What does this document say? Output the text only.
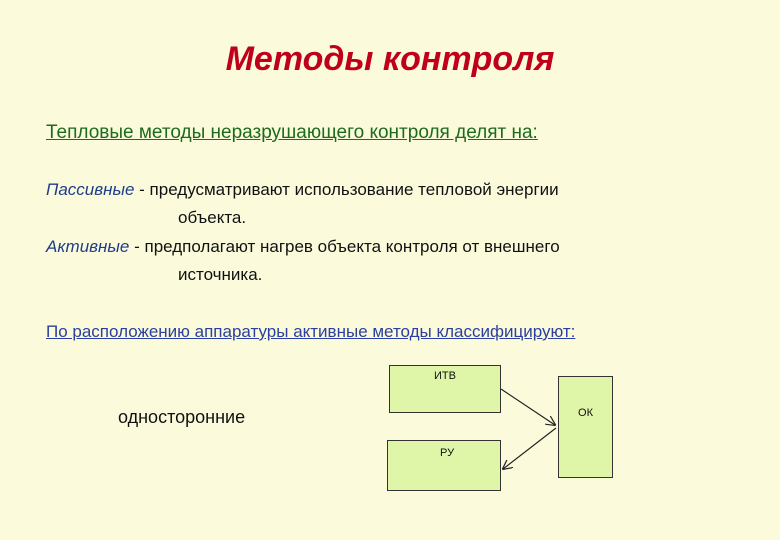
Методы контроля
Тепловые методы неразрушающего контроля делят на:
Пассивные - предусматривают использование тепловой энергии
объекта.
Активные - предполагают нагрев объекта контроля от внешнего
источника.
По расположению аппаратуры активные методы классифицируют:
односторонние
ИТВ
ОК
РУ
